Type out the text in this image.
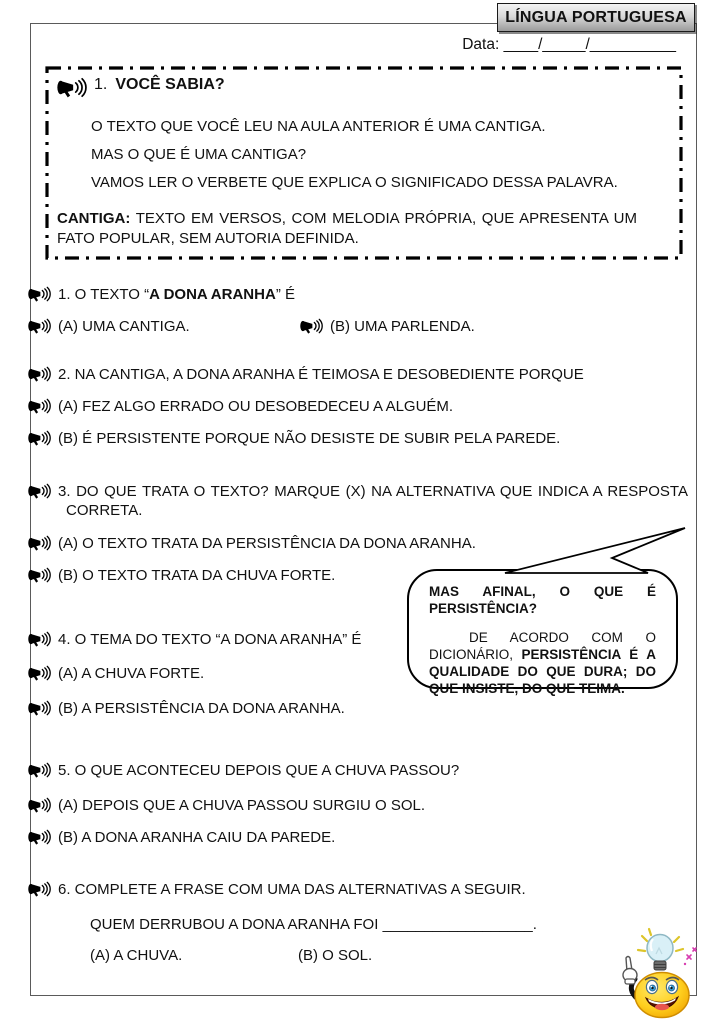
LÍNGUA PORTUGUESA
Data: ____/_____/__________
1. VOCÊ SABIA?
O TEXTO QUE VOCÊ LEU NA AULA ANTERIOR É UMA CANTIGA.
MAS O QUE É UMA CANTIGA?
VAMOS LER O VERBETE QUE EXPLICA O SIGNIFICADO DESSA PALAVRA.
CANTIGA: TEXTO EM VERSOS, COM MELODIA PRÓPRIA, QUE APRESENTA UM FATO POPULAR, SEM AUTORIA DEFINIDA.
1. O TEXTO “A DONA ARANHA” É
(A) UMA CANTIGA.	(B) UMA PARLENDA.
2. NA CANTIGA, A DONA ARANHA É TEIMOSA E DESOBEDIENTE PORQUE
(A) FEZ ALGO ERRADO OU DESOBEDECEU A ALGUÉM.
(B) É PERSISTENTE PORQUE NÃO DESISTE DE SUBIR PELA PAREDE.
3. DO QUE TRATA O TEXTO? MARQUE (X) NA ALTERNATIVA QUE INDICA A RESPOSTA CORRETA.
(A) O TEXTO TRATA DA PERSISTÊNCIA DA DONA ARANHA.
(B) O TEXTO TRATA DA CHUVA FORTE.

MAS AFINAL, O QUE É PERSISTÊNCIA?

DE ACORDO COM O DICIONÁRIO, PERSISTÊNCIA É A QUALIDADE DO QUE DURA; DO QUE INSISTE, DO QUE TEIMA.

4. O TEMA DO TEXTO “A DONA ARANHA” É
(A) A CHUVA FORTE.
(B) A PERSISTÊNCIA DA DONA ARANHA.
5. O QUE ACONTECEU DEPOIS QUE A CHUVA PASSOU?
(A) DEPOIS QUE A CHUVA PASSOU SURGIU O SOL.
(B) A DONA ARANHA CAIU DA PAREDE.
6. COMPLETE A FRASE COM UMA DAS ALTERNATIVAS A SEGUIR.
QUEM DERRUBOU A DONA ARANHA FOI __________________.
(A) A CHUVA.	(B) O SOL.
